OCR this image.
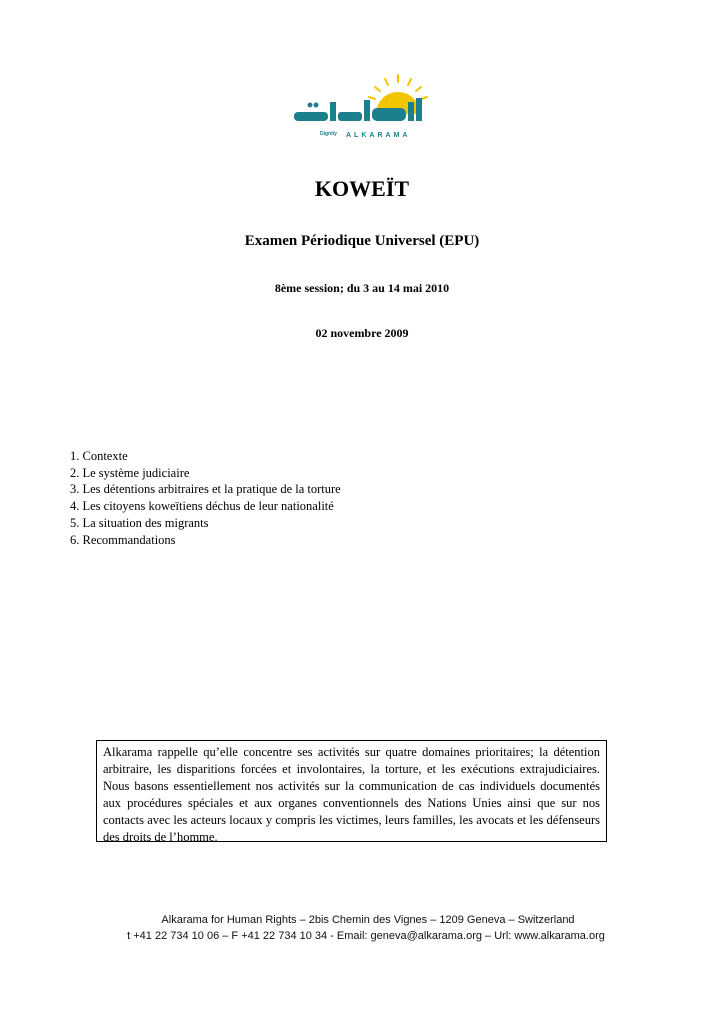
Dignity ALKARAMA
KOWEÏT
Examen Périodique Universel (EPU)
8ème session; du 3 au 14 mai 2010
02 novembre 2009
1. Contexte
2. Le système judiciaire
3. Les détentions arbitraires et la pratique de la torture
4. Les citoyens koweïtiens déchus de leur nationalité
5. La situation des migrants
6. Recommandations
Alkarama rappelle qu’elle concentre ses activités sur quatre domaines prioritaires; la détention arbitraire, les disparitions forcées et involontaires, la torture, et les exécutions extrajudiciaires. Nous basons essentiellement nos activités sur la communication de cas individuels documentés aux procédures spéciales et aux organes conventionnels des Nations Unies ainsi que sur nos contacts avec les acteurs locaux y compris les victimes, leurs familles, les avocats et les défenseurs des droits de l’homme.
Alkarama for Human Rights – 2bis Chemin des Vignes – 1209 Geneva – Switzerland
t +41 22 734 10 06 – F +41 22 734 10 34 - Email: geneva@alkarama.org – Url: www.alkarama.org
